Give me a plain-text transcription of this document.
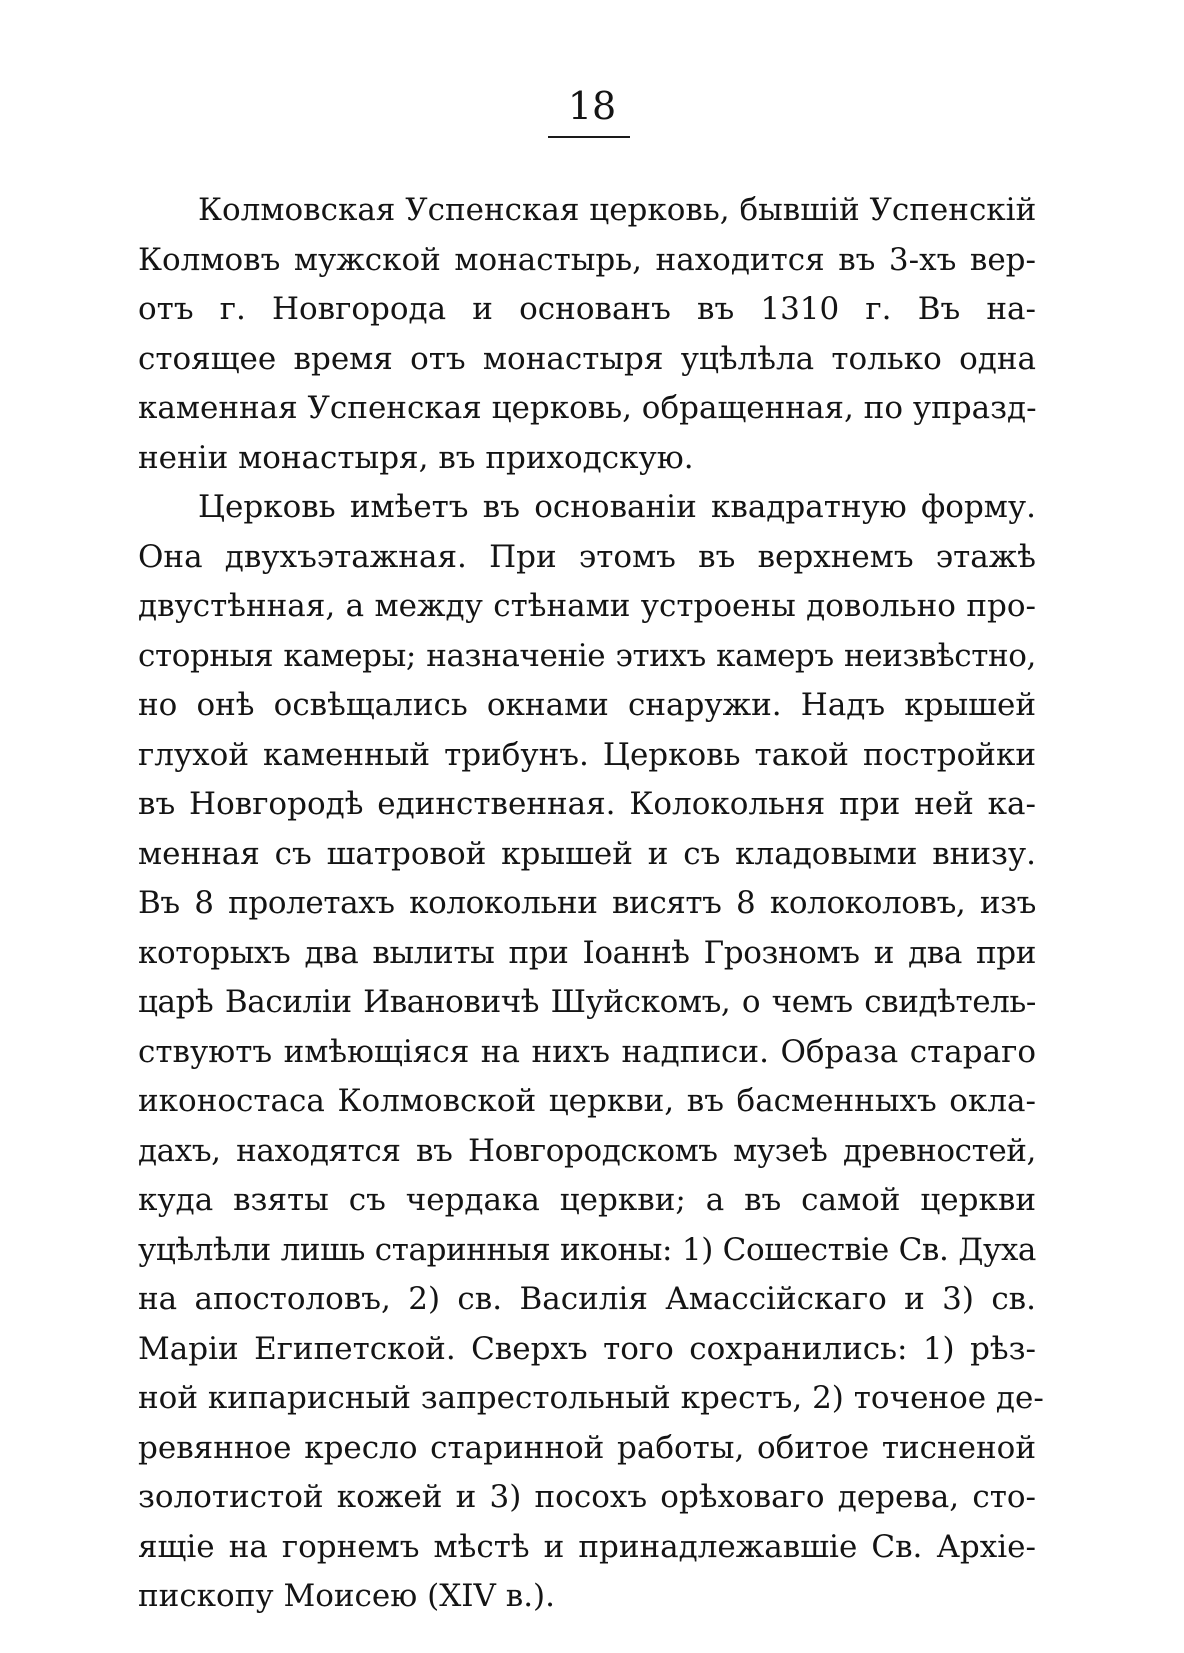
18
Колмовская Успенская церковь, бывшій Успенскій
Колмовъ мужской монастырь, находится въ 3-хъ вер-
отъ г. Новгорода и основанъ въ 1310 г. Въ на-
стоящее время отъ монастыря уцѣлѣла только одна
каменная Успенская церковь, обращенная, по упразд-
неніи монастыря, въ приходскую.
Церковь имѣетъ въ основаніи квадратную форму.
Она двухъэтажная. При этомъ въ верхнемъ этажѣ
двустѣнная, а между стѣнами устроены довольно про-
сторныя камеры; назначеніе этихъ камеръ неизвѣстно,
но онѣ освѣщались окнами снаружи. Надъ крышей
глухой каменный трибунъ. Церковь такой постройки
въ Новгородѣ единственная. Колокольня при ней ка-
менная съ шатровой крышей и съ кладовыми внизу.
Въ 8 пролетахъ колокольни висятъ 8 колоколовъ, изъ
которыхъ два вылиты при Іоаннѣ Грозномъ и два при
царѣ Василіи Ивановичѣ Шуйскомъ, о чемъ свидѣтель-
ствуютъ имѣющіяся на нихъ надписи. Образа стараго
иконостаса Колмовской церкви, въ басменныхъ окла-
дахъ, находятся въ Новгородскомъ музеѣ древностей,
куда взяты съ чердака церкви; а въ самой церкви
уцѣлѣли лишь старинныя иконы: 1) Сошествіе Св. Духа
на апостоловъ, 2) св. Василія Амассійскаго и 3) св.
Маріи Египетской. Сверхъ того сохранились: 1) рѣз-
ной кипарисный запрестольный крестъ, 2) точеное де-
ревянное кресло старинной работы, обитое тисненой
золотистой кожей и 3) посохъ орѣховаго дерева, сто-
ящіе на горнемъ мѣстѣ и принадлежавшіе Св. Архіе-
пископу Моисею (XIV в.).
